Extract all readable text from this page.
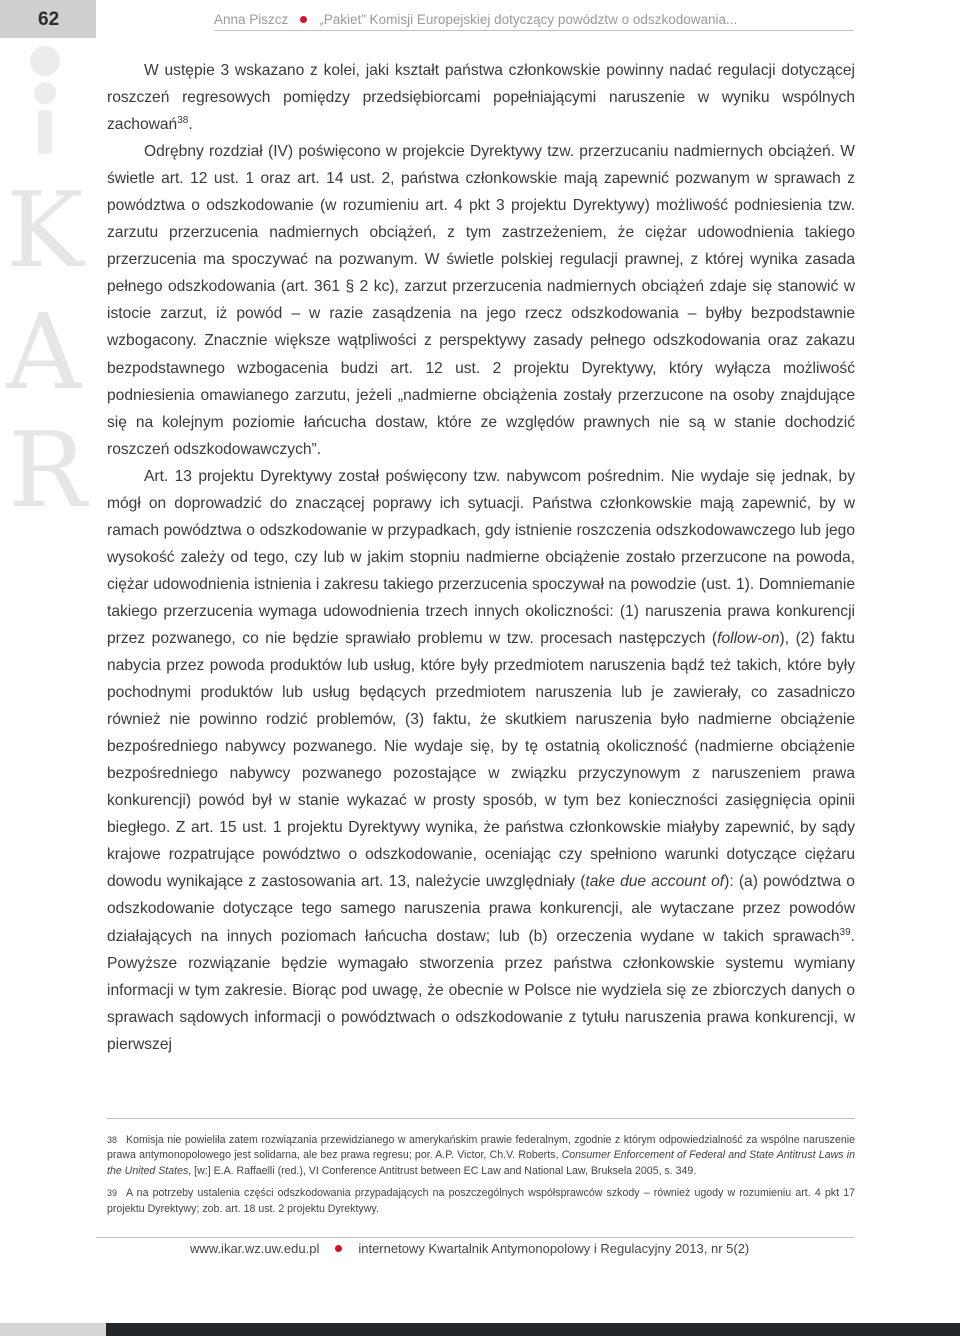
62	Anna Piszcz „Pakiet” Komisji Europejskiej dotyczący powództw o odszkodowania...
K
A
R

W ustępie 3 wskazano z kolei, jaki kształt państwa członkowskie powinny nadać regulacji dotyczącej roszczeń regresowych pomiędzy przedsiębiorcami popełniającymi naruszenie w wyniku wspólnych zachowań$^{38}$.

Odrębny rozdział (IV) poświęcono w projekcie Dyrektywy tzw. przerzucaniu nadmiernych obciążeń. W świetle art. 12 ust. 1 oraz art. 14 ust. 2, państwa członkowskie mają zapewnić pozwanym w sprawach z powództwa o odszkodowanie (w rozumieniu art. 4 pkt 3 projektu Dyrektywy) możliwość podniesienia tzw. zarzutu przerzucenia nadmiernych obciążeń, z tym zastrzeżeniem, że ciężar udowodnienia takiego przerzucenia ma spoczywać na pozwanym. W świetle polskiej regulacji prawnej, z której wynika zasada pełnego odszkodowania (art. 361 § 2 kc), zarzut przerzucenia nadmiernych obciążeń zdaje się stanowić w istocie zarzut, iż powód – w razie zasądzenia na jego rzecz odszkodowania – byłby bezpodstawnie wzbogacony. Znacznie większe wątpliwości z perspektywy zasady pełnego odszkodowania oraz zakazu bezpodstawnego wzbogacenia budzi art. 12 ust. 2 projektu Dyrektywy, który wyłącza możliwość podniesienia omawianego zarzutu, jeżeli „nadmierne obciążenia zostały przerzucone na osoby znajdujące się na kolejnym poziomie łańcucha dostaw, które ze względów prawnych nie są w stanie dochodzić roszczeń odszkodowawczych”.

Art. 13 projektu Dyrektywy został poświęcony tzw. nabywcom pośrednim. Nie wydaje się jednak, by mógł on doprowadzić do znaczącej poprawy ich sytuacji. Państwa członkowskie mają zapewnić, by w ramach powództwa o odszkodowanie w przypadkach, gdy istnienie roszczenia odszkodowawczego lub jego wysokość zależy od tego, czy lub w jakim stopniu nadmierne obciążenie zostało przerzucone na powoda, ciężar udowodnienia istnienia i zakresu takiego przerzucenia spoczywał na powodzie (ust. 1). Domniemanie takiego przerzucenia wymaga udowodnienia trzech innych okoliczności: (1) naruszenia prawa konkurencji przez pozwanego, co nie będzie sprawiało problemu w tzw. procesach następczych (follow-on), (2) faktu nabycia przez powoda produktów lub usług, które były przedmiotem naruszenia bądź też takich, które były pochodnymi produktów lub usług będących przedmiotem naruszenia lub je zawierały, co zasadniczo również nie powinno rodzić problemów, (3) faktu, że skutkiem naruszenia było nadmierne obciążenie bezpośredniego nabywcy pozwanego. Nie wydaje się, by tę ostatnią okoliczność (nadmierne obciążenie bezpośredniego nabywcy pozwanego pozostające w związku przyczynowym z naruszeniem prawa konkurencji) powód był w stanie wykazać w prosty sposób, w tym bez konieczności zasięgnięcia opinii biegłego. Z art. 15 ust. 1 projektu Dyrektywy wynika, że państwa członkowskie miałyby zapewnić, by sądy krajowe rozpatrujące powództwo o odszkodowanie, oceniając czy spełniono warunki dotyczące ciężaru dowodu wynikające z zastosowania art. 13, należycie uwzględniały (take due account of): (a) powództwa o odszkodowanie dotyczące tego samego naruszenia prawa konkurencji, ale wytaczane przez powodów działających na innych poziomach łańcucha dostaw; lub (b) orzeczenia wydane w takich sprawach$^{39}$. Powyższe rozwiązanie będzie wymagało stworzenia przez państwa członkowskie systemu wymiany informacji w tym zakresie. Biorąc pod uwagę, że obecnie w Polsce nie wydziela się ze zbiorczych danych o sprawach sądowych informacji o powództwach o odszkodowanie z tytułu naruszenia prawa konkurencji, w pierwszej

$^{38}$ Komisja nie powieliła zatem rozwiązania przewidzianego w amerykańskim prawie federalnym, zgodnie z którym odpowiedzialność za wspólne naruszenie prawa antymonopolowego jest solidarna, ale bez prawa regresu; por. A.P. Victor, Ch.V. Roberts, Consumer Enforcement of Federal and State Antitrust Laws in the United States, [w:] E.A. Raffaelli (red.), VI Conference Antitrust between EC Law and National Law, Bruksela 2005, s. 349.

$^{39}$ A na potrzeby ustalenia części odszkodowania przypadających na poszczególnych współsprawców szkody – również ugody w rozumieniu art. 4 pkt 17 projektu Dyrektywy; zob. art. 18 ust. 2 projektu Dyrektywy.

www.ikar.wz.uw.edu.pl	internetowy Kwartalnik Antymonopolowy i Regulacyjny 2013, nr 5(2)
